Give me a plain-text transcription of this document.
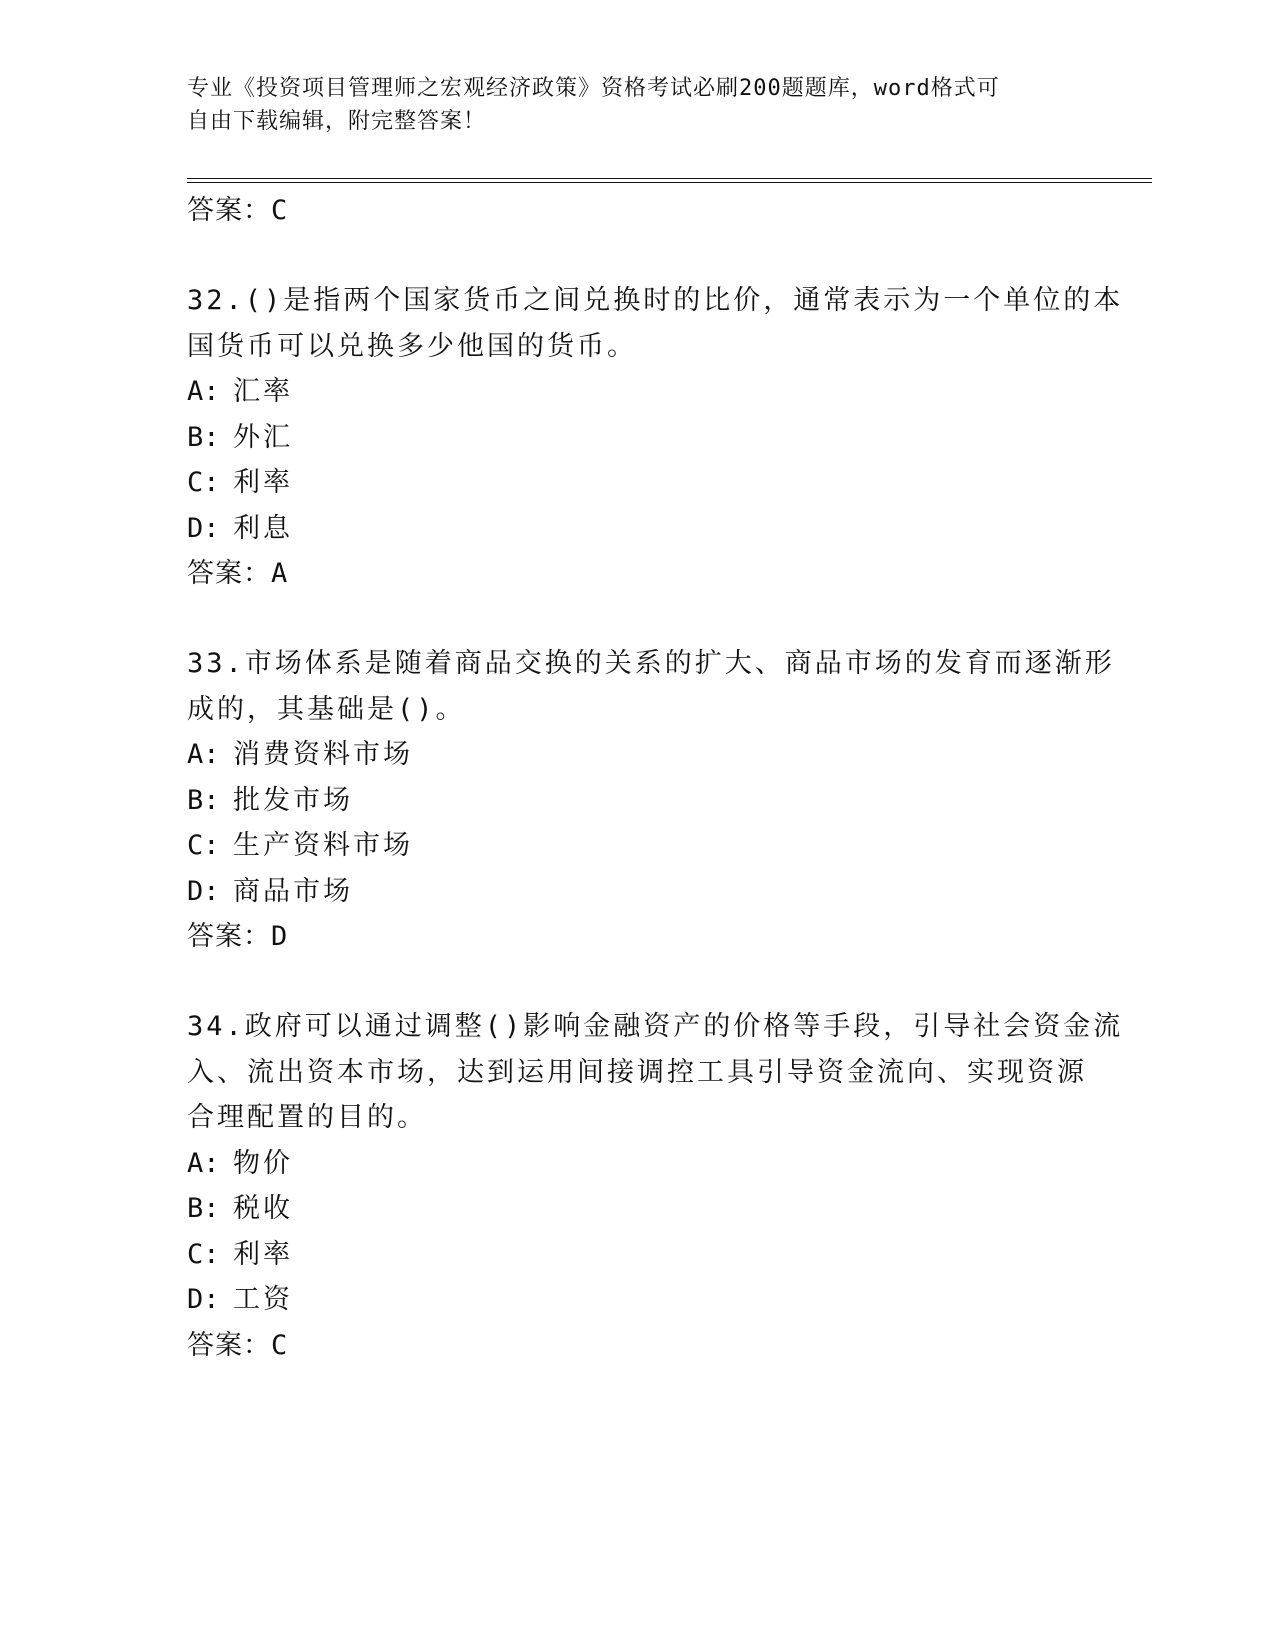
专业《投资项目管理师之宏观经济政策》资格考试必刷200题题库，word格式可
自由下载编辑，附完整答案！
答案：C
32.()是指两个国家货币之间兑换时的比价，通常表示为一个单位的本
国货币可以兑换多少他国的货币。
A: 汇率
B: 外汇
C: 利率
D: 利息
答案：A
33.市场体系是随着商品交换的关系的扩大、商品市场的发育而逐渐形
成的，其基础是()。
A: 消费资料市场
B: 批发市场
C: 生产资料市场
D: 商品市场
答案：D
34.政府可以通过调整()影响金融资产的价格等手段，引导社会资金流
入、流出资本市场，达到运用间接调控工具引导资金流向、实现资源
合理配置的目的。
A: 物价
B: 税收
C: 利率
D: 工资
答案：C
